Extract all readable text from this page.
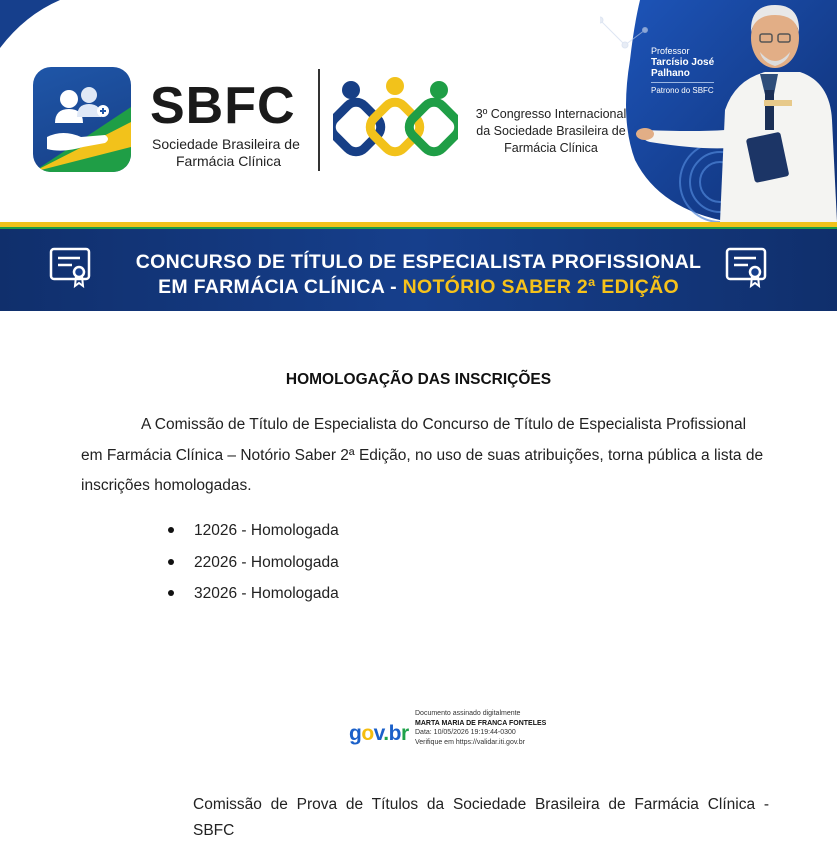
Professor
Tarcísio José
Palhano
Patrono do SBFC
SBFC
Sociedade Brasileira de
Farmácia Clínica
3º Congresso Internacional
da Sociedade Brasileira de
Farmácia Clínica
CONCURSO DE TÍTULO DE ESPECIALISTA PROFISSIONAL
EM FARMÁCIA CLÍNICA - NOTÓRIO SABER 2ª EDIÇÃO
HOMOLOGAÇÃO DAS INSCRIÇÕES
A Comissão de Título de Especialista do Concurso de Título de Especialista Profissional em Farmácia Clínica – Notório Saber 2ª Edição, no uso de suas atribuições, torna pública a lista de inscrições homologadas.
12026 - Homologada
22026 - Homologada
32026 - Homologada
gov.br
Documento assinado digitalmente
MARTA MARIA DE FRANCA FONTELES
Data: 10/05/2026 19:19:44-0300
Verifique em https://validar.iti.gov.br
Comissão de Prova de Títulos da Sociedade Brasileira de Farmácia Clínica -
SBFC
